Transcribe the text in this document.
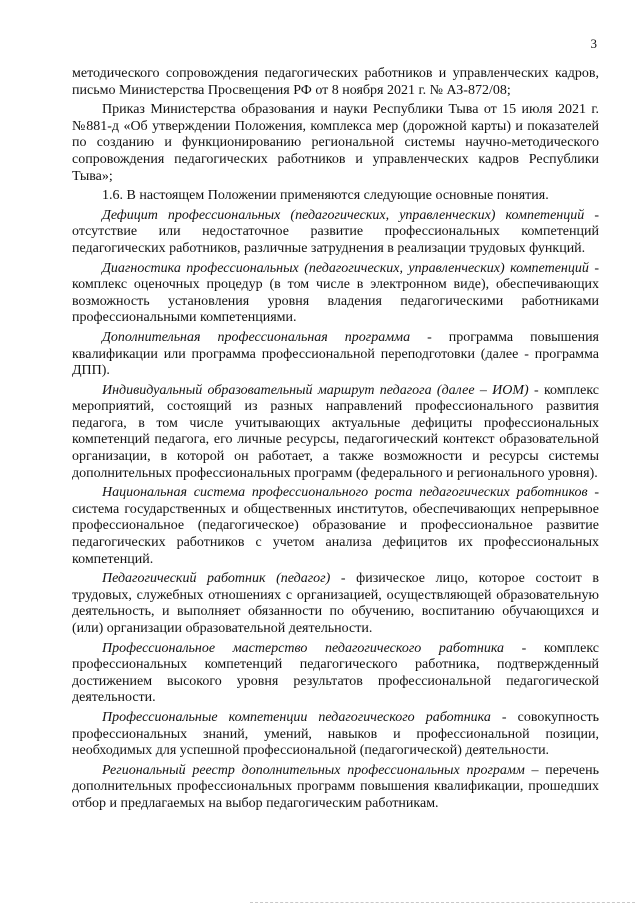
3

методического сопровождения педагогических работников и управленческих кадров, письмо Министерства Просвещения РФ от 8 ноября 2021 г. № АЗ-872/08;

Приказ Министерства образования и науки Республики Тыва от 15 июля 2021 г. №881-д «Об утверждении Положения, комплекса мер (дорожной карты) и показателей по созданию и функционированию региональной системы научно-методического сопровождения педагогических работников и управленческих кадров Республики Тыва»;

1.6. В настоящем Положении применяются следующие основные понятия.

Дефицит профессиональных (педагогических, управленческих) компетенций - отсутствие или недостаточное развитие профессиональных компетенций педагогических работников, различные затруднения в реализации трудовых функций.

Диагностика профессиональных (педагогических, управленческих) компетенций - комплекс оценочных процедур (в том числе в электронном виде), обеспечивающих возможность установления уровня владения педагогическими работниками профессиональными компетенциями.

Дополнительная профессиональная программа - программа повышения квалификации или программа профессиональной переподготовки (далее - программа ДПП).

Индивидуальный образовательный маршрут педагога (далее – ИОМ) - комплекс мероприятий, состоящий из разных направлений профессионального развития педагога, в том числе учитывающих актуальные дефициты профессиональных компетенций педагога, его личные ресурсы, педагогический контекст образовательной организации, в которой он работает, а также возможности и ресурсы системы дополнительных профессиональных программ (федерального и регионального уровня).

Национальная система профессионального роста педагогических работников - система государственных и общественных институтов, обеспечивающих непрерывное профессиональное (педагогическое) образование и профессиональное развитие педагогических работников с учетом анализа дефицитов их профессиональных компетенций.

Педагогический работник (педагог) - физическое лицо, которое состоит в трудовых, служебных отношениях с организацией, осуществляющей образовательную деятельность, и выполняет обязанности по обучению, воспитанию обучающихся и (или) организации образовательной деятельности.

Профессиональное мастерство педагогического работника - комплекс профессиональных компетенций педагогического работника, подтвержденный достижением высокого уровня результатов профессиональной педагогической деятельности.

Профессиональные компетенции педагогического работника - совокупность профессиональных знаний, умений, навыков и профессиональной позиции, необходимых для успешной профессиональной (педагогической) деятельности.

Региональный реестр дополнительных профессиональных программ – перечень дополнительных профессиональных программ повышения квалификации, прошедших отбор и предлагаемых на выбор педагогическим работникам.
